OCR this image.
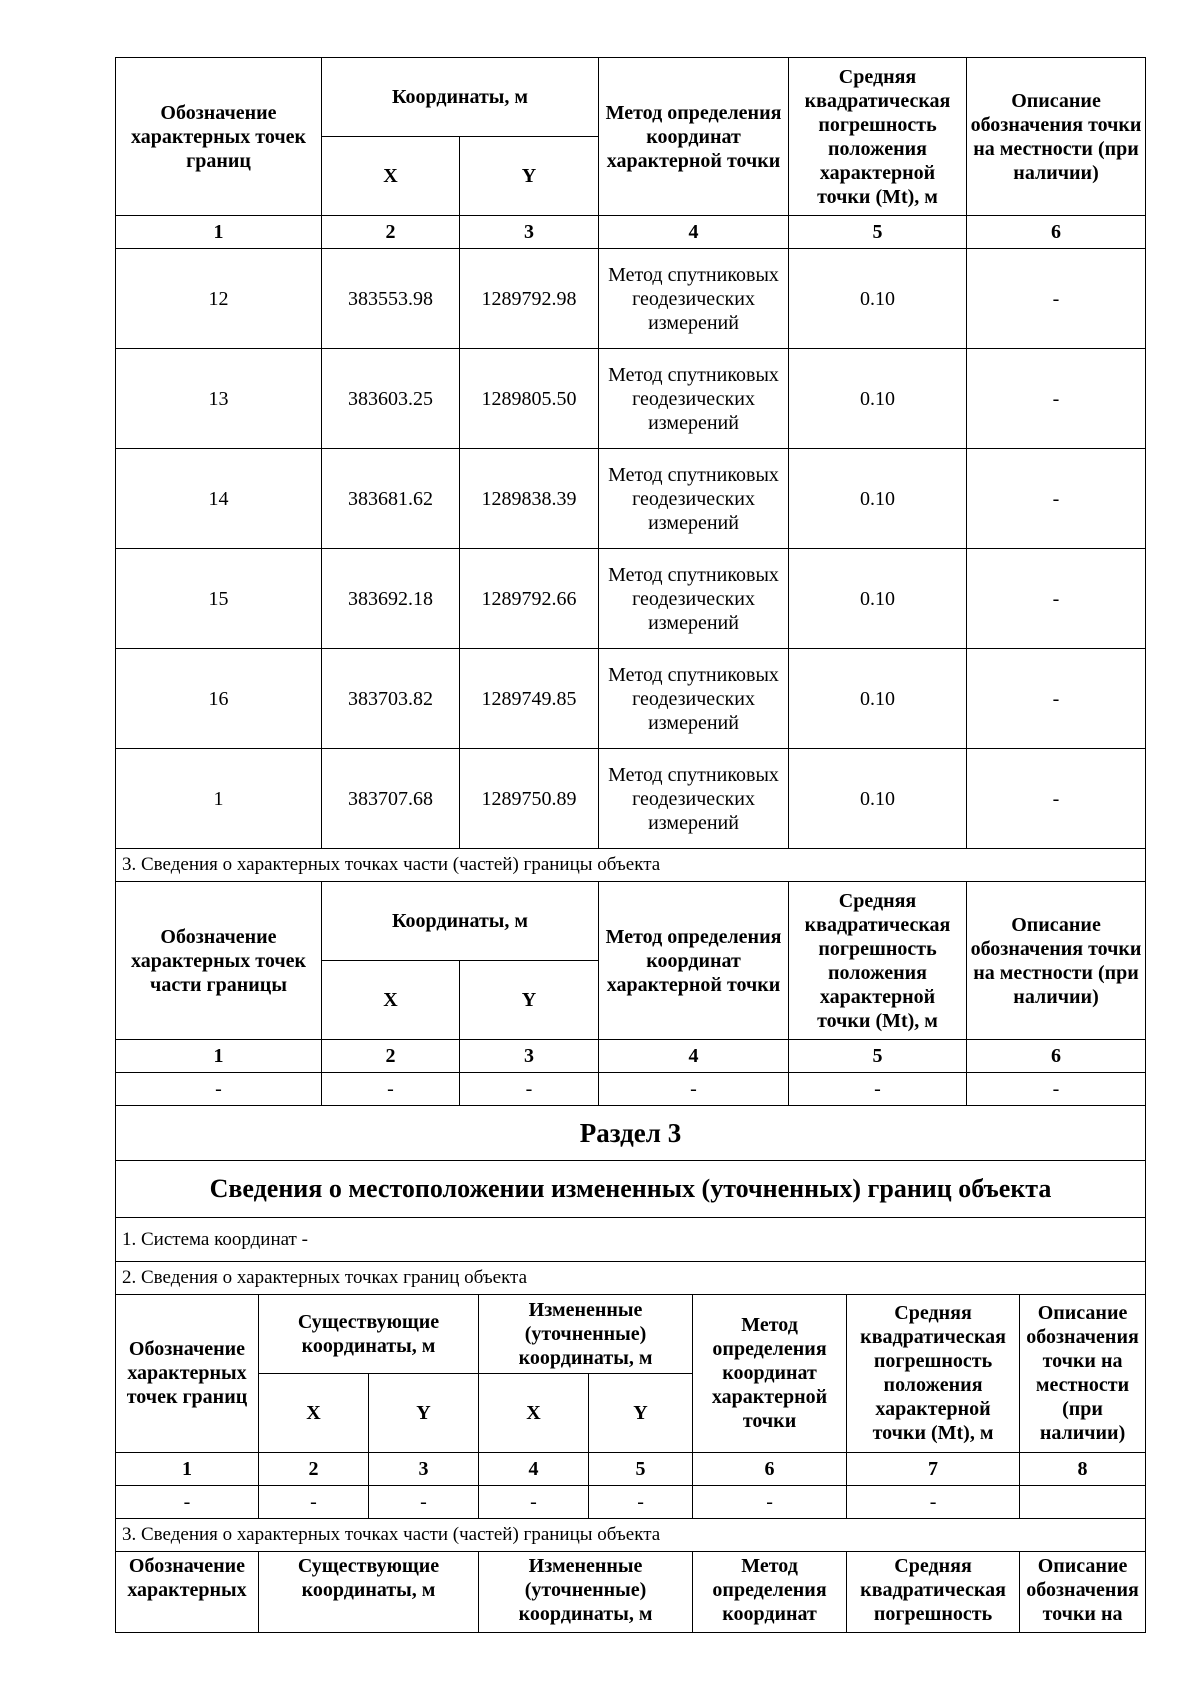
Обозначение характерных точек границ	Координаты, м		Метод определения координат характерной точки	Средняя квадратическая погрешность положения характерной точки (Mt), м	Описание обозначения точки на местности (при наличии)
	X	Y			
1	2	3	4	5	6
12	383553.98	1289792.98	Метод спутниковых геодезических измерений	0.10	-
13	383603.25	1289805.50	Метод спутниковых геодезических измерений	0.10	-
14	383681.62	1289838.39	Метод спутниковых геодезических измерений	0.10	-
15	383692.18	1289792.66	Метод спутниковых геодезических измерений	0.10	-
16	383703.82	1289749.85	Метод спутниковых геодезических измерений	0.10	-
1	383707.68	1289750.89	Метод спутниковых геодезических измерений	0.10	-
3. Сведения о характерных точках части (частей) границы объекта					
Обозначение характерных точек части границы	Координаты, м		Метод определения координат характерной точки	Средняя квадратическая погрешность положения характерной точки (Mt), м	Описание обозначения точки на местности (при наличии)
	X	Y			
1	2	3	4	5	6
-	-	-	-	-	-
Раздел 3					
Сведения о местоположении измененных (уточненных) границ объекта					
1. Система координат -					
2. Сведения о характерных точках границ объекта					
Обозначение характерных точек границ	Существующие координаты, м		Измененные (уточненные) координаты, м		Метод определения координат характерной точки	Средняя квадратическая погрешность положения характерной точки (Mt), м	Описание обозначения точки на местности (при наличии)
	X	Y	X	Y			
1	2	3	4	5	6	7	8
-	-	-	-	-	-	-	
3. Сведения о характерных точках части (частей) границы объекта							
Обозначение характерных	Существующие координаты, м		Измененные (уточненные) координаты, м		Метод определения координат	Средняя квадратическая погрешность	Описание обозначения точки на
